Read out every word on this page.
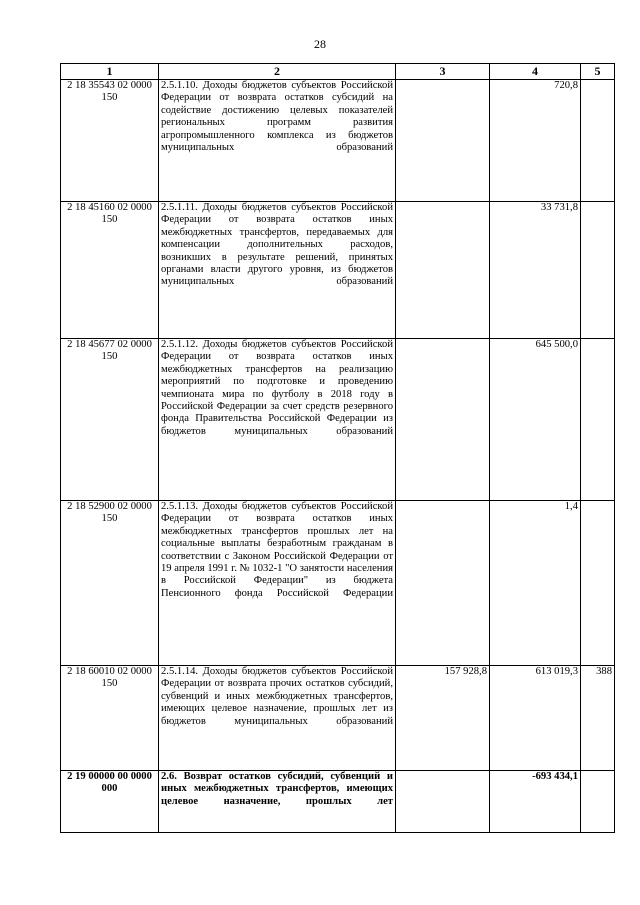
28
1	2	3	4	5
2 18 35543 02 0000 150	2.5.1.10. Доходы бюджетов субъектов Российской Федерации от возврата остатков субсидий на содействие достижению целевых показателей региональных программ развития агропромышленного комплекса из бюджетов муниципальных образований		720,8	
2 18 45160 02 0000 150	2.5.1.11. Доходы бюджетов субъектов Российской Федерации от возврата остатков иных межбюджетных трансфертов, передаваемых для компенсации дополнительных расходов, возникших в результате решений, принятых органами власти другого уровня, из бюджетов муниципальных образований		33 731,8	
2 18 45677 02 0000 150	2.5.1.12. Доходы бюджетов субъектов Российской Федерации от возврата остатков иных межбюджетных трансфертов на реализацию мероприятий по подготовке и проведению чемпионата мира по футболу в 2018 году в Российской Федерации за счет средств резервного фонда Правительства Российской Федерации из бюджетов муниципальных образований		645 500,0	
2 18 52900 02 0000 150	2.5.1.13. Доходы бюджетов субъектов Российской Федерации от возврата остатков иных межбюджетных трансфертов прошлых лет на социальные выплаты безработным гражданам в соответствии с Законом Российской Федерации от 19 апреля 1991 г. № 1032-1 "О занятости населения в Российской Федерации" из бюджета Пенсионного фонда Российской Федерации		1,4	
2 18 60010 02 0000 150	2.5.1.14. Доходы бюджетов субъектов Российской Федерации от возврата прочих остатков субсидий, субвенций и иных межбюджетных трансфертов, имеющих целевое назначение, прошлых лет из бюджетов муниципальных образований	157 928,8	613 019,3	388
2 19 00000 00 0000 000	2.6. Возврат остатков субсидий, субвенций и иных межбюджетных трансфертов, имеющих целевое назначение, прошлых лет		-693 434,1	
